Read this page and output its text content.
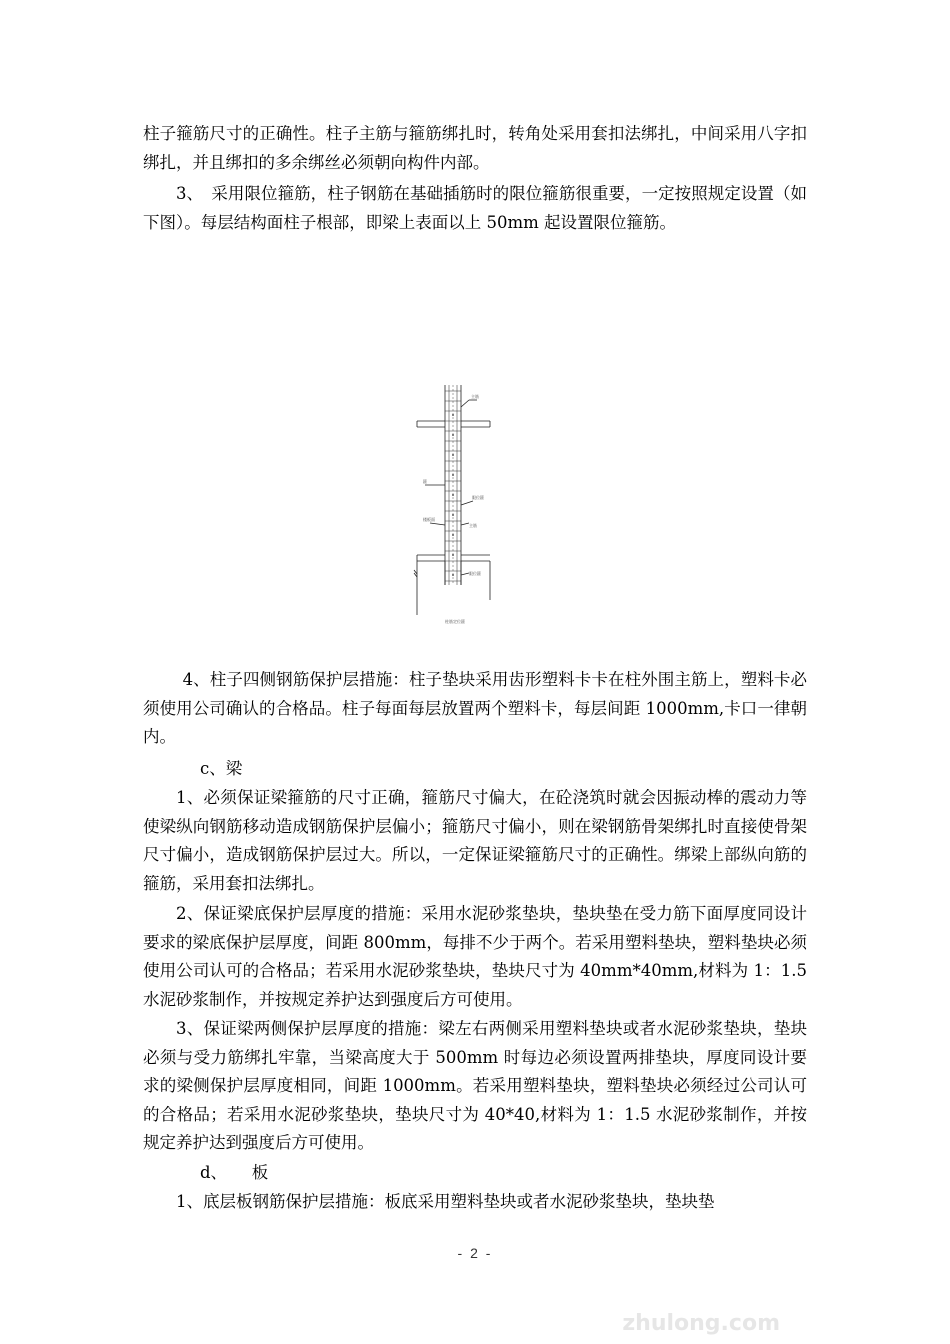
柱子箍筋尺寸的正确性。柱子主筋与箍筋绑扎时，转角处采用套扣法绑扎，中间采用八字扣绑扎，并且绑扣的多余绑丝必须朝向构件内部。

3、　采用限位箍筋，柱子钢筋在基础插筋时的限位箍筋很重要，一定按照规定设置（如下图）。每层结构面柱子根部，即梁上表面以上 50mm 起设置限位箍筋。

主筋
箍
限位箍
主筋
楼板面
限位箍
柱筋定位箍

4、柱子四侧钢筋保护层措施：柱子垫块采用齿形塑料卡卡在柱外围主筋上，塑料卡必须使用公司确认的合格品。柱子每面每层放置两个塑料卡，每层间距 1000mm,卡口一律朝内。

c、梁

1、必须保证梁箍筋的尺寸正确，箍筋尺寸偏大，在砼浇筑时就会因振动棒的震动力等使梁纵向钢筋移动造成钢筋保护层偏小；箍筋尺寸偏小，则在梁钢筋骨架绑扎时直接使骨架尺寸偏小，造成钢筋保护层过大。所以，一定保证梁箍筋尺寸的正确性。绑梁上部纵向筋的箍筋，采用套扣法绑扎。

2、保证梁底保护层厚度的措施：采用水泥砂浆垫块，垫块垫在受力筋下面厚度同设计要求的梁底保护层厚度，间距 800mm，每排不少于两个。若采用塑料垫块，塑料垫块必须使用公司认可的合格品；若采用水泥砂浆垫块，垫块尺寸为 40mm*40mm,材料为 1：1.5 水泥砂浆制作，并按规定养护达到强度后方可使用。

3、保证梁两侧保护层厚度的措施：梁左右两侧采用塑料垫块或者水泥砂浆垫块，垫块必须与受力筋绑扎牢靠，当梁高度大于 500mm 时每边必须设置两排垫块，厚度同设计要求的梁侧保护层厚度相同，间距 1000mm。若采用塑料垫块，塑料垫块必须经过公司认可的合格品；若采用水泥砂浆垫块，垫块尺寸为 40*40,材料为 1：1.5 水泥砂浆制作，并按规定养护达到强度后方可使用。

d、　　板

1、底层板钢筋保护层措施：板底采用塑料垫块或者水泥砂浆垫块，垫块垫

- 2 -
zhulong.com
